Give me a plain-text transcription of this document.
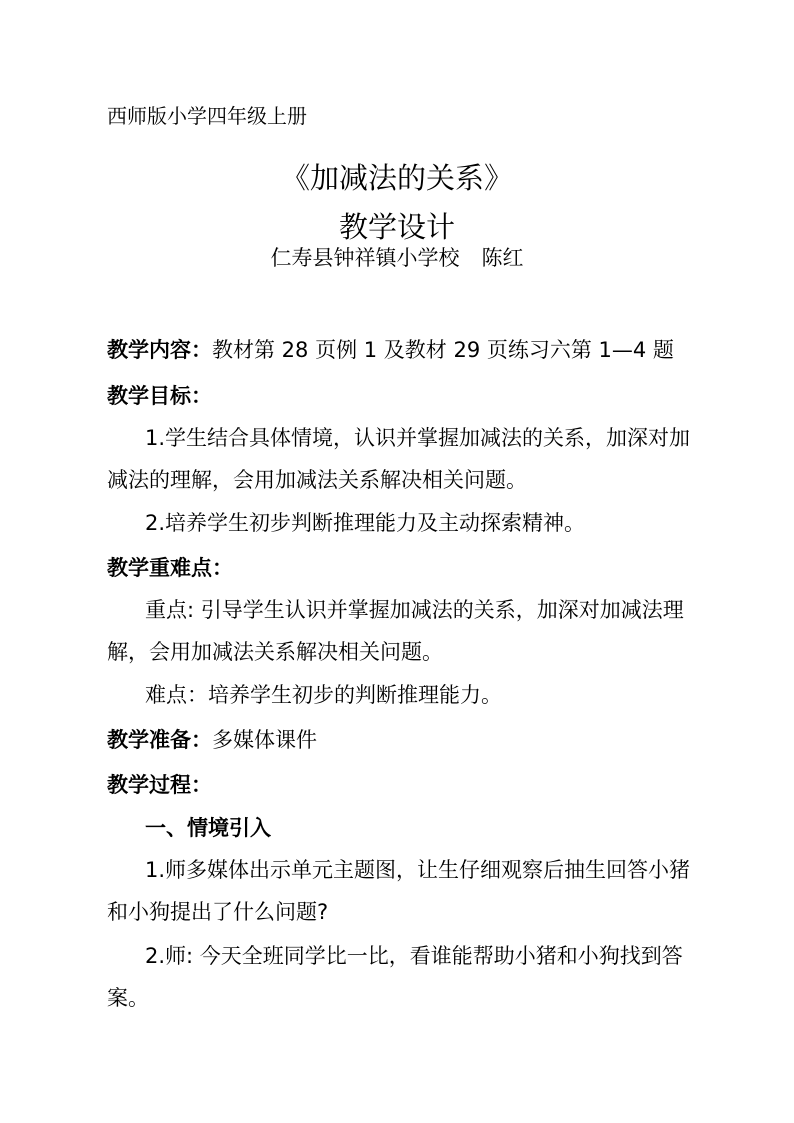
西师版小学四年级上册
《加减法的关系》
教学设计
仁寿县钟祥镇小学校 陈红
教学内容：教材第 28 页例 1 及教材 29 页练习六第 1—4 题
教学目标：
1.学生结合具体情境，认识并掌握加减法的关系，加深对加
减法的理解，会用加减法关系解决相关问题。
2.培养学生初步判断推理能力及主动探索精神。
教学重难点：
重点: 引导学生认识并掌握加减法的关系，加深对加减法理
解，会用加减法关系解决相关问题。
难点：培养学生初步的判断推理能力。
教学准备：多媒体课件
教学过程：
一、情境引入
1.师多媒体出示单元主题图，让生仔细观察后抽生回答小猪
和小狗提出了什么问题?
2.师: 今天全班同学比一比，看谁能帮助小猪和小狗找到答
案。
